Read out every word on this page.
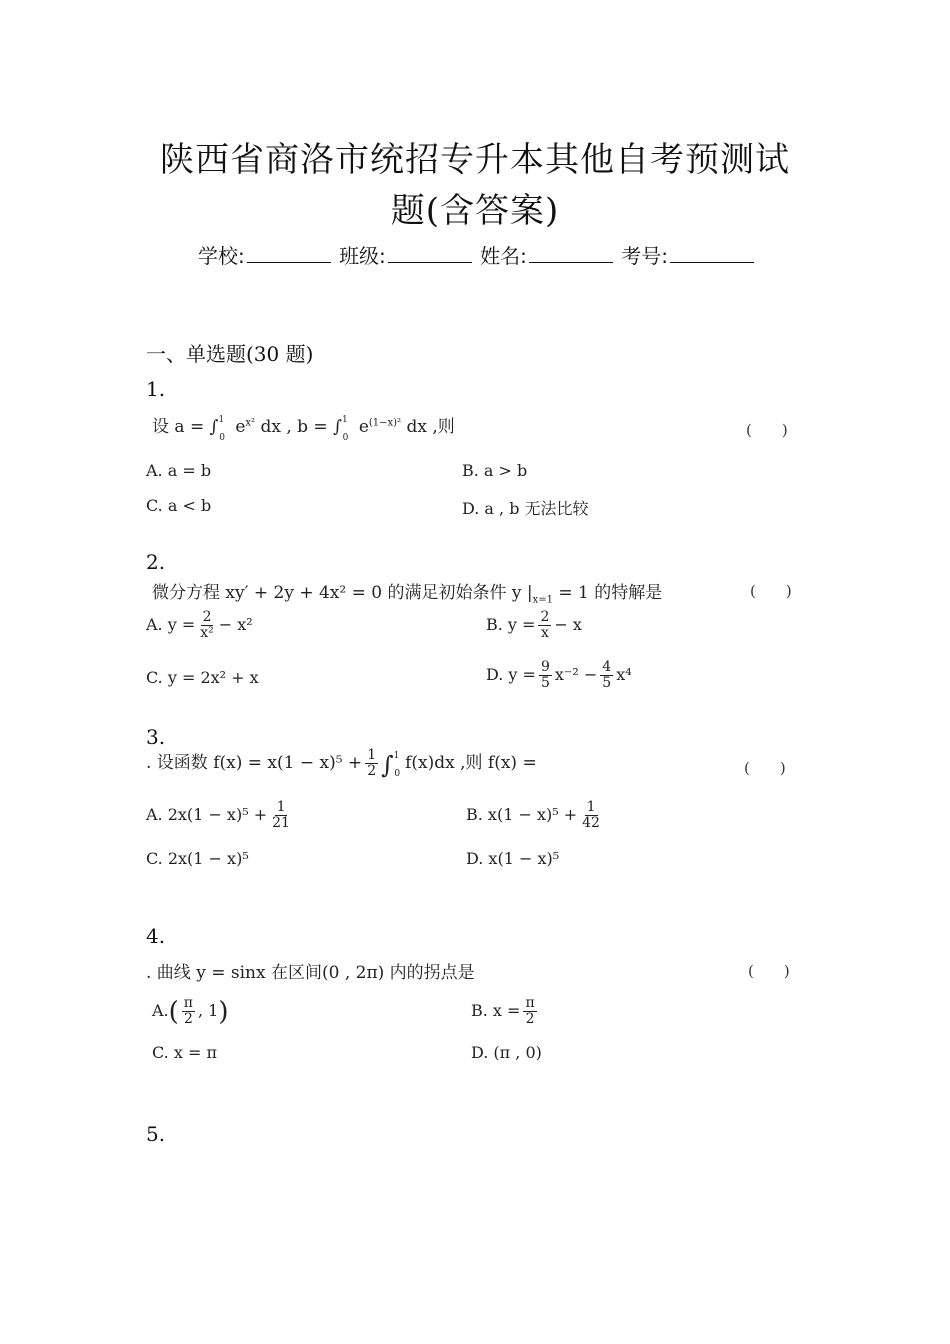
陕西省商洛市统招专升本其他自考预测试
题(含答案)
学校:	班级:	姓名:	考号:
一、单选题(30 题)
1.
设 a = ∫$^1_0$ $e^{x^2}$ dx , b = ∫$^1_0$ $e^{(1-x)^2}$ dx ,则	(　　)
A. a = b	B. a > b
C. a < b	D. a , b 无法比较
2.
微分方程 xy′ + 2y + 4x² = 0 的满足初始条件 y $|_{x=1} = 1$ 的特解是	(　　)
A. $y = \frac{2}{\text{x²}} - x^2$	B. $y = \frac{2}{x} - x$
C. y = 2x² + x	D. $y = \frac{9}{5} x^{-2} - \frac{4}{5} x^4$
3.
. 设函数 $f(x) = x(1 - x)^5 + \frac{1}{2} \int^1_0f(x)dx$ ,则 f(x) =	(　　)
A. $2x(1 - x)^5 + \frac{1}{21}$	B. $x(1 - x)^5 + \frac{1}{42}$
C. 2x(1 − x)⁵	D. x(1 − x)⁵
4.
. 曲线 y = sinx 在区间(0 , 2π) 内的拐点是	(　　)
$A.( \frac{\pi}{2}$ , 1)	B. $x = \frac{\pi}{2}$
C. x = π	D. (π , 0)
5.
